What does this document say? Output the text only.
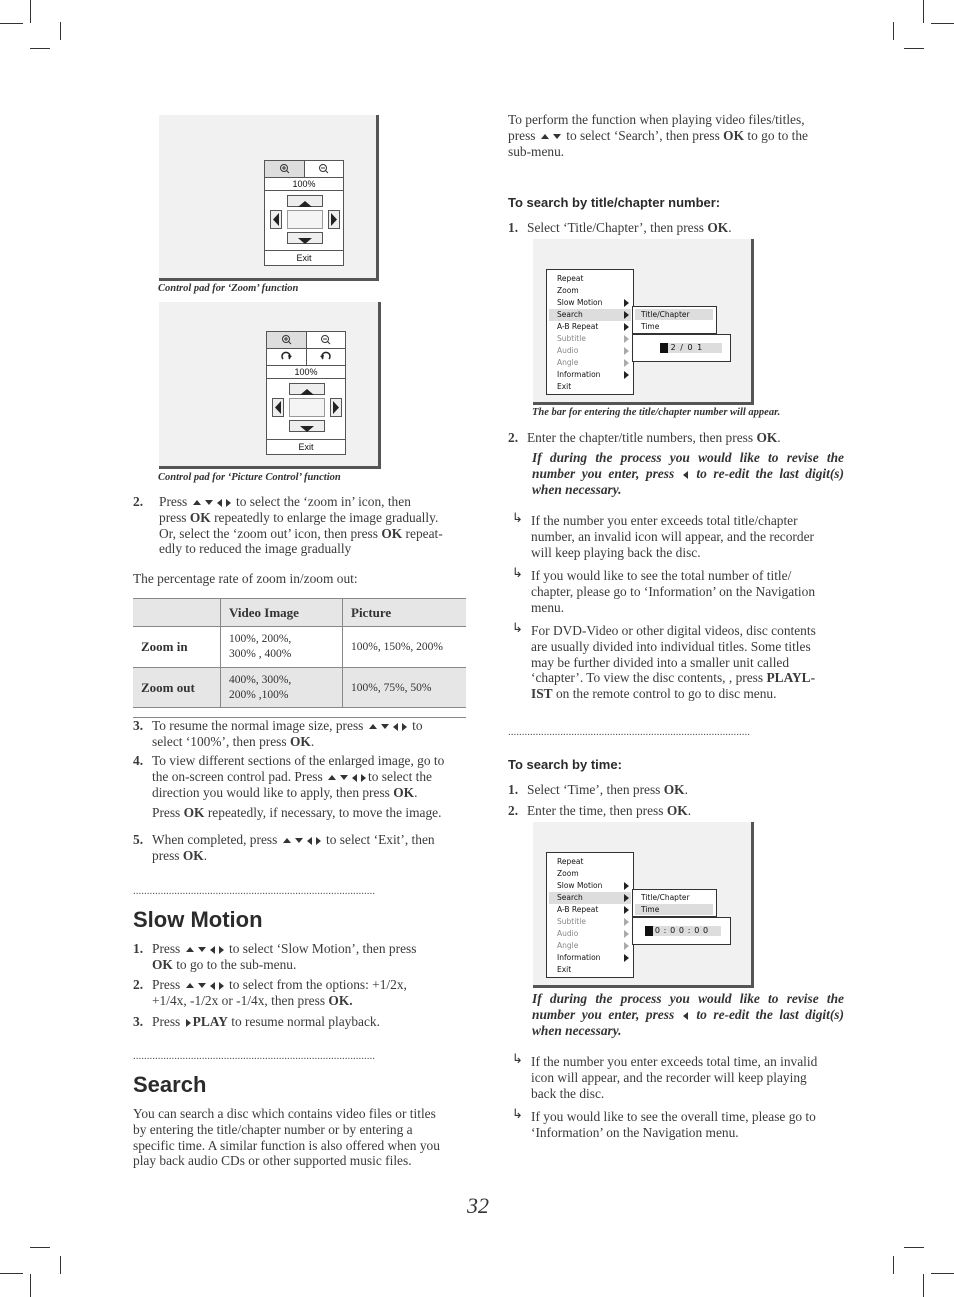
100%
Exit
Control pad for ‘Zoom’ function
100%
Exit
Control pad for ‘Picture Control’ function
2. Press	to select the ‘zoom in’ icon, then
press OK repeatedly to enlarge the image gradually.
Or, select the ‘zoom out’ icon, then press OK repeat-
edly to reduced the image gradually
The percentage rate of zoom in/zoom out:
	Video Image	Picture
Zoom in	100%, 200%,
300% , 400%	100%, 150%, 200%
Zoom out	400%, 300%,
200% ,100%	100%, 75%, 50%
3. To resume the normal image size, press	to
select ‘100%’, then press OK.
4. To view different sections of the enlarged image, go to
the on-screen control pad. Press	to select the
direction you would like to apply, then press OK.
Press OK repeatedly, if necessary, to move the image.
5. When completed, press	to select ‘Exit’, then
press OK.
........................................................................................
Slow Motion
1. Press	to select ‘Slow Motion’, then press
OK to go to the sub-menu.
2. Press	to select from the options: +1/2x,
+1/4x, -1/2x or -1/4x, then press OK.
3. Press PLAY to resume normal playback.
........................................................................................
Search
You can search a disc which contains video files or titles
by entering the title/chapter number or by entering a
specific time. A similar function is also offered when you
play back audio CDs or other supported music files.
To perform the function when playing video files/titles,
press to select ‘Search’, then press OK to go to the
sub-menu.
To search by title/chapter number:
1. Select ‘Title/Chapter’, then press OK.
Repeat
Zoom
Slow Motion
Search
A-B Repeat
Subtitle
Audio
Angle
Information
Exit
Title/Chapter
Time
0 2 / 0 1
The bar for entering the title/chapter number will appear.
2. Enter the chapter/title numbers, then press OK.
If during the process you would like to revise the
number you enter, press to re-edit the last digit(s)
when necessary.
↳ If the number you enter exceeds total title/chapter
number, an invalid icon will appear, and the recorder
will keep playing back the disc.
↳ If you would like to see the total number of title/
chapter, please go to ‘Information’ on the Navigation
menu.
↳ For DVD-Video or other digital videos, disc contents
are usually divided into individual titles. Some titles
may be further divided into a smaller unit called
‘chapter’. To view the disc contents, , press PLAYL-
IST on the remote control to go to disc menu.
........................................................................................
To search by time:
1. Select ‘Time’, then press OK.
2. Enter the time, then press OK.
Repeat
Zoom
Slow Motion
Search
A-B Repeat
Subtitle
Audio
Angle
Information
Exit
Title/Chapter
Time
0 0 : 0 0 : 0 0
If during the process you would like to revise the
number you enter, press to re-edit the last digit(s)
when necessary.
↳ If the number you enter exceeds total time, an invalid
icon will appear, and the recorder will keep playing
back the disc.
↳ If you would like to see the overall time, please go to
‘Information’ on the Navigation menu.
32
